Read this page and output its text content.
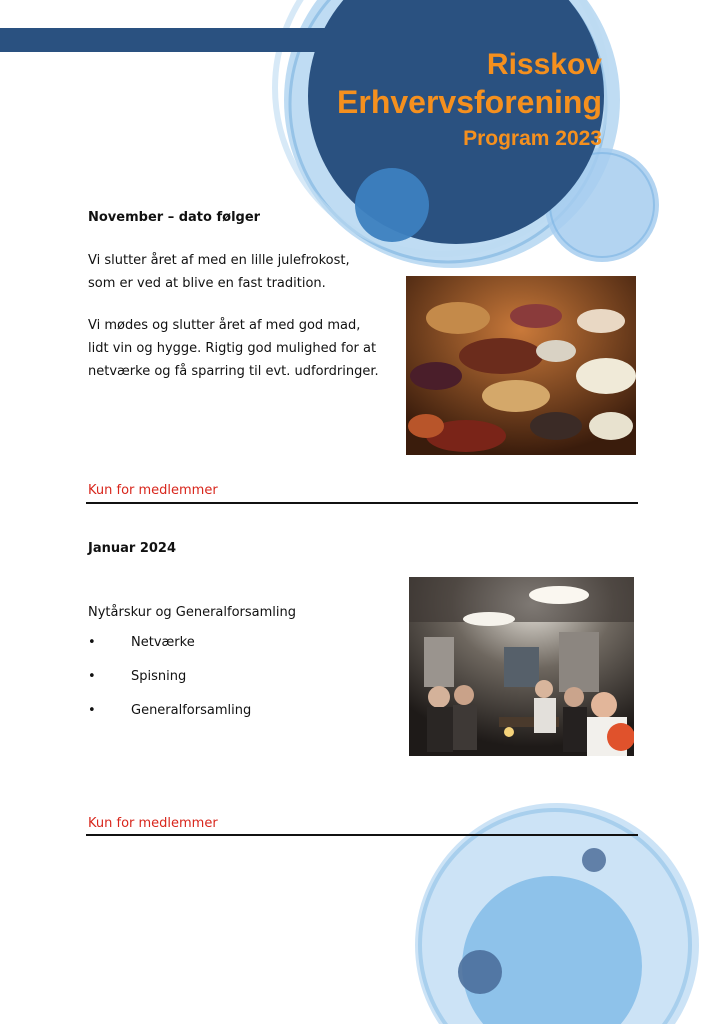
Risskov
Erhvervsforening
Program 2023
November – dato følger
Vi slutter året af med en lille julefrokost,
som er ved at blive en fast tradition.
Vi mødes og slutter året af med god mad,
lidt vin og hygge. Rigtig god mulighed for at
netværke og få sparring til evt. udfordringer.
Kun for medlemmer
Januar 2024
Nytårskur og Generalforsamling
•	Netværke
•	Spisning
•	Generalforsamling
Kun for medlemmer
